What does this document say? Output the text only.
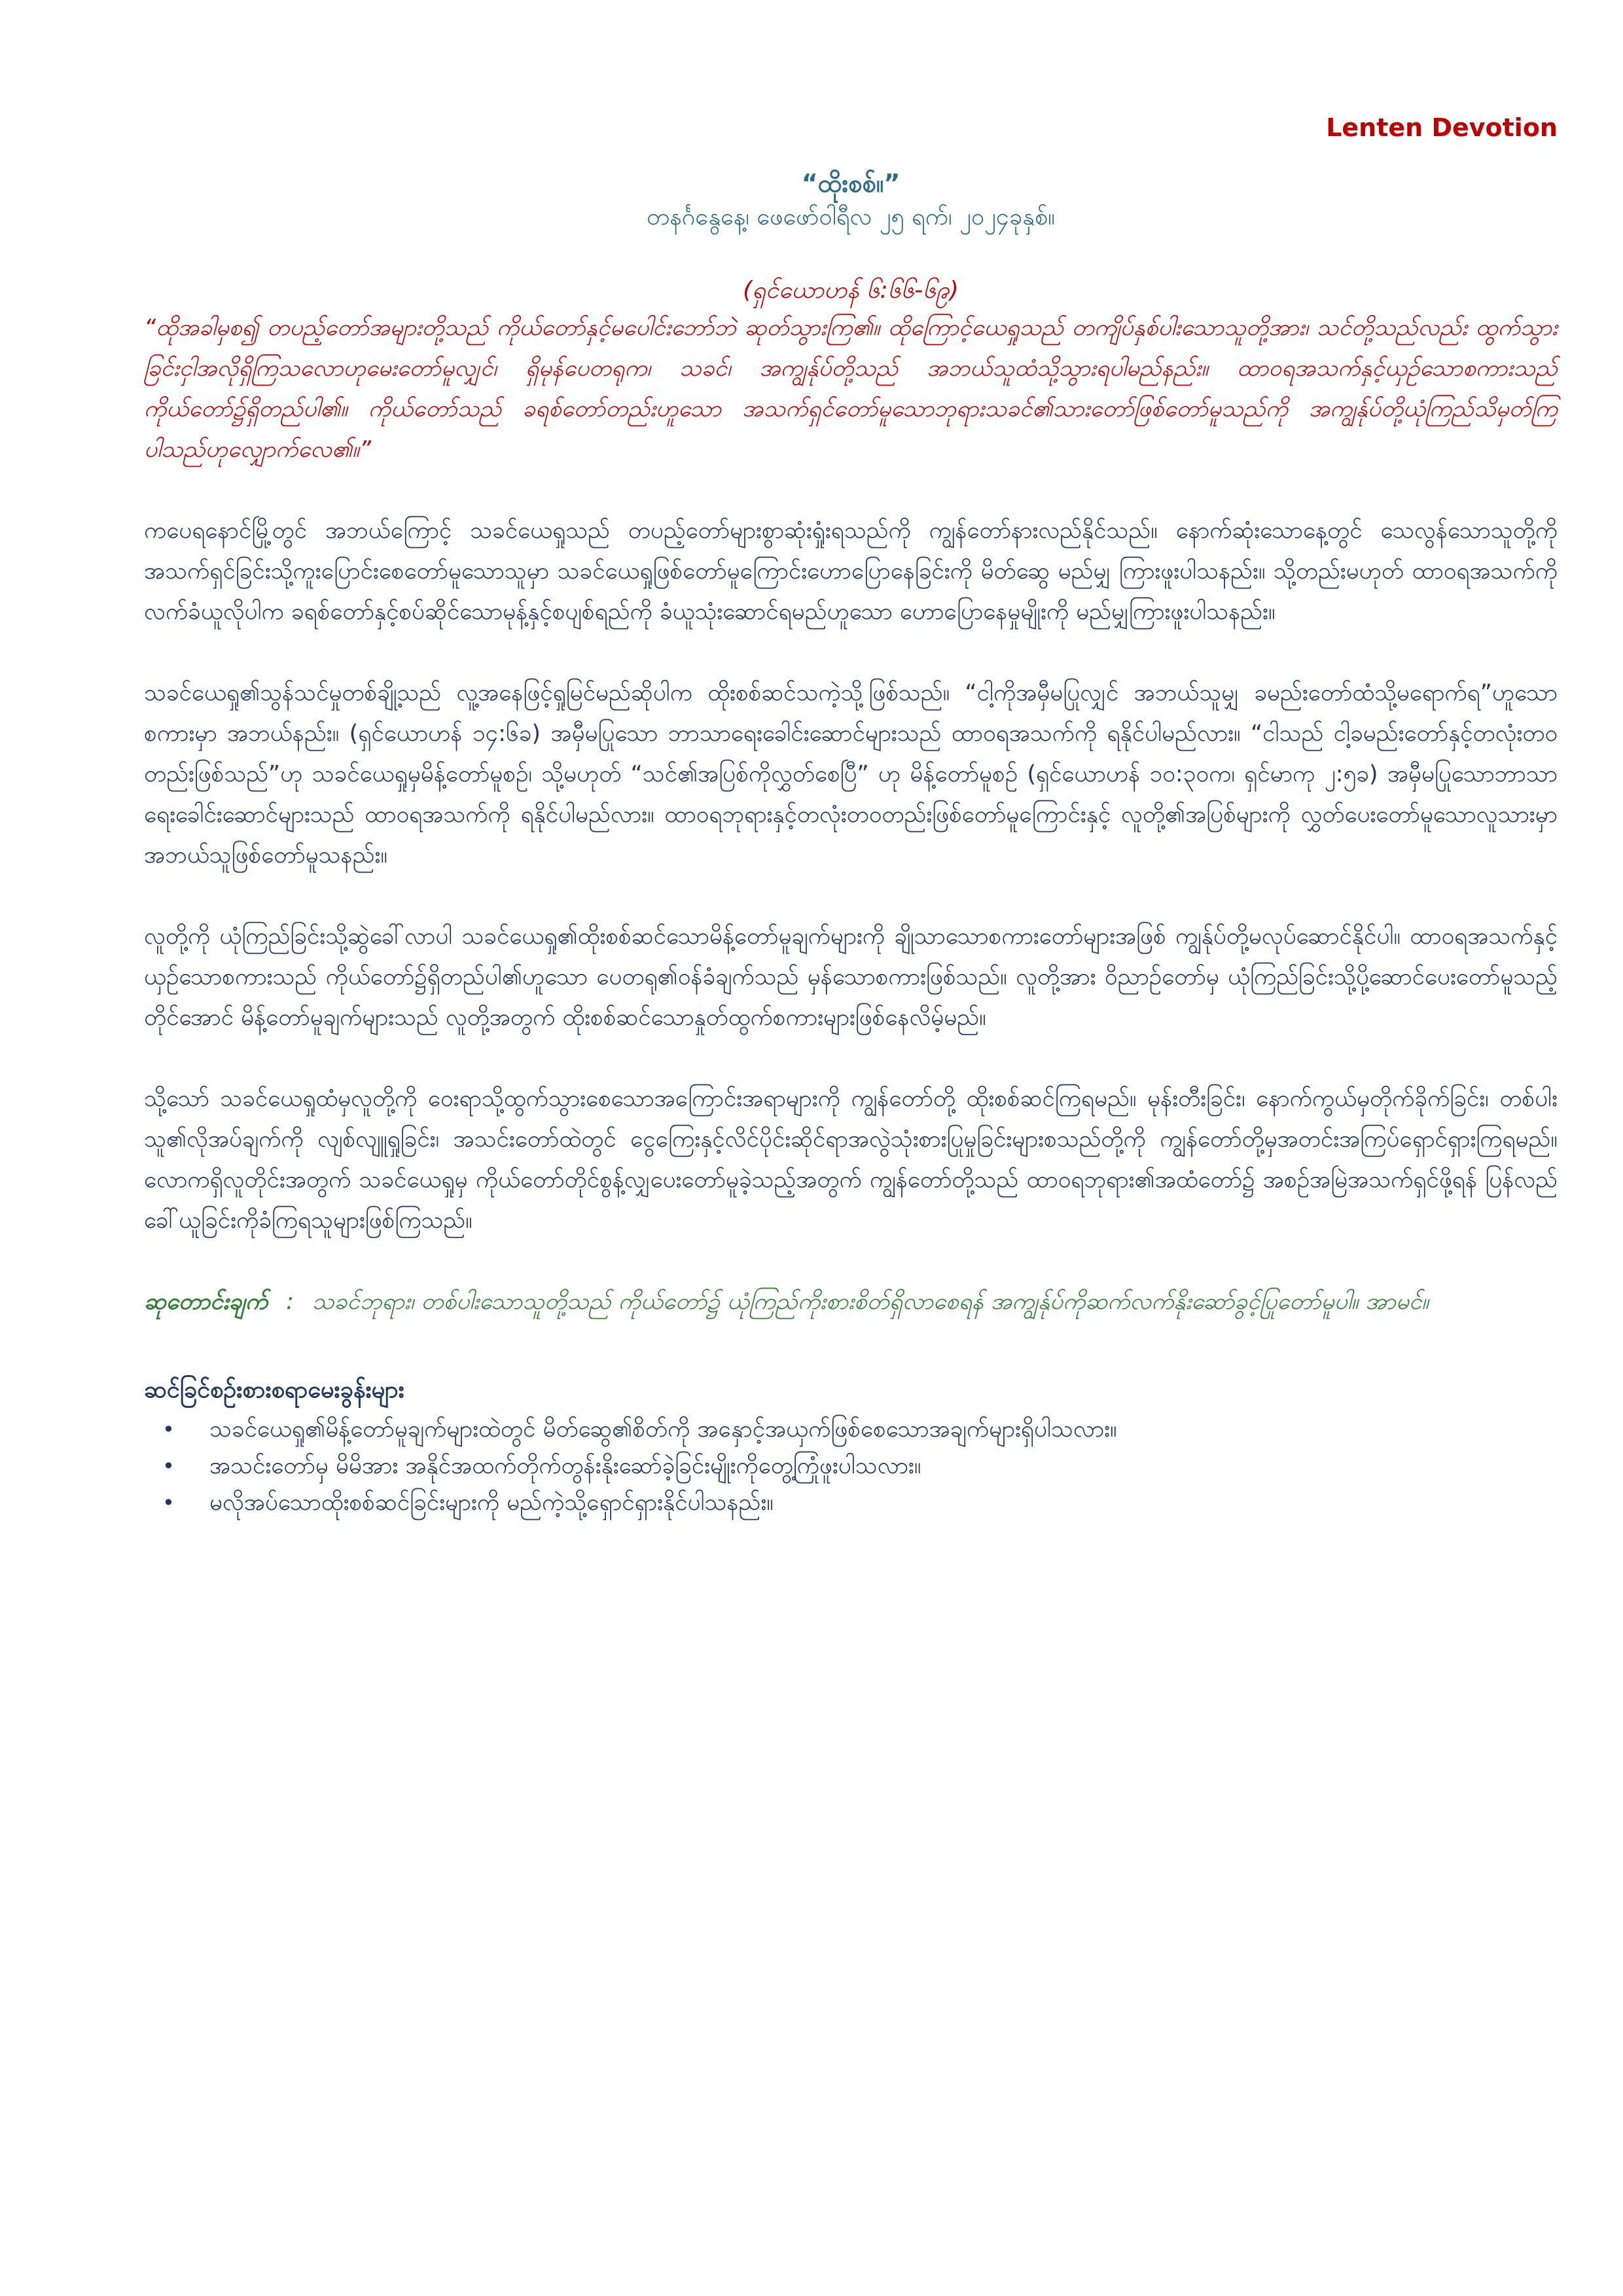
Lenten Devotion

“ထိုးစစ်။”

တနင်္ဂနွေနေ့၊ ဖေဖော်ဝါရီလ ၂၅ ရက်၊ ၂၀၂၄ခုနှစ်။

(ရှင်ယောဟန် ၆:၆၆-၆၉)

“ထိုအခါမှစ၍ တပည့်တော်အများတို့သည် ကိုယ်တော်နှင့်မပေါင်းဘော်ဘဲ ဆုတ်သွားကြ၏။ ထိုကြောင့်ယေရှုသည် တကျိပ်နှစ်ပါးသောသူတို့အား၊ သင်တို့သည်လည်း ထွက်သွားခြင်းငှါအလိုရှိကြသလောဟုမေးတော်မူလျှင်၊ ရှိမုန်ပေတရုက၊ သခင်၊ အကျွန်ုပ်တို့သည် အဘယ်သူထံသို့သွားရပါမည်နည်း။ ထာဝရအသက်နှင့်ယှဉ်သောစကားသည် ကိုယ်တော်၌ရှိတည်ပါ၏။ ကိုယ်တော်သည် ခရစ်တော်တည်းဟူသော အသက်ရှင်တော်မူသောဘုရားသခင်၏သားတော်ဖြစ်တော်မူသည်ကို အကျွန်ုပ်တို့ယုံကြည်သိမှတ်ကြပါသည်ဟုလျှောက်လေ၏။”

ကပေရနောင်မြို့တွင် အဘယ်ကြောင့် သခင်ယေရှုသည် တပည့်တော်များစွာဆုံးရှုံးရသည်ကို ကျွန်တော်နားလည်နိုင်သည်။ နောက်ဆုံးသောနေ့တွင် သေလွန်သောသူတို့ကို အသက်ရှင်ခြင်းသို့ကူးပြောင်းစေတော်မူသောသူမှာ သခင်ယေရှုဖြစ်တော်မူကြောင်းဟောပြောနေခြင်းကို မိတ်ဆွေ မည်မျှ ကြားဖူးပါသနည်း။ သို့တည်းမဟုတ် ထာဝရအသက်ကို လက်ခံယူလိုပါက ခရစ်တော်နှင့်စပ်ဆိုင်သောမုန့်နှင့်စပျစ်ရည်ကို ခံယူသုံးဆောင်ရမည်ဟူသော ဟောပြောနေမှုမျိုးကို မည်မျှကြားဖူးပါသနည်း။

သခင်ယေရှု၏သွန်သင်မှုတစ်ချို့သည် လူ့အနေဖြင့်ရှုမြင်မည်ဆိုပါက ထိုးစစ်ဆင်သကဲ့သို့ဖြစ်သည်။ “ငါ့ကိုအမှီမပြုလျှင် အဘယ်သူမျှ ခမည်းတော်ထံသို့မရောက်ရ”ဟူသောစကားမှာ အဘယ်နည်း။ (ရှင်ယောဟန် ၁၄:၆ခ) အမှီမပြုသော ဘာသာရေးခေါင်းဆောင်များသည် ထာဝရအသက်ကို ရနိုင်ပါမည်လား။ “ငါသည် ငါ့ခမည်းတော်နှင့်တလုံးတဝတည်းဖြစ်သည်”ဟု သခင်ယေရှုမှမိန့်တော်မူစဉ်၊ သို့မဟုတ် “သင်၏အပြစ်ကိုလွှတ်စေပြီ” ဟု မိန့်တော်မူစဉ် (ရှင်ယောဟန် ၁၀:၃၀က၊ ရှင်မာကု ၂:၅ခ) အမှီမပြုသောဘာသာရေးခေါင်းဆောင်များသည် ထာဝရအသက်ကို ရနိုင်ပါမည်လား။ ထာဝရဘုရားနှင့်တလုံးတဝတည်းဖြစ်တော်မူကြောင်းနှင့် လူတို့၏အပြစ်များကို လွှတ်ပေးတော်မူသောလူသားမှာ အဘယ်သူဖြစ်တော်မူသနည်း။

လူတို့ကို ယုံကြည်ခြင်းသို့ဆွဲခေါ်လာပါ သခင်ယေရှု၏ထိုးစစ်ဆင်သောမိန့်တော်မူချက်များကို ချိုသာသောစကားတော်များအဖြစ် ကျွန်ုပ်တို့မလုပ်ဆောင်နိုင်ပါ။ ထာဝရအသက်နှင့်ယှဉ်သောစကားသည် ကိုယ်တော်၌ရှိတည်ပါ၏ဟူသော ပေတရု၏ဝန်ခံချက်သည် မှန်သောစကားဖြစ်သည်။ လူတို့အား ဝိညာဉ်တော်မှ ယုံကြည်ခြင်းသို့ပို့ဆောင်ပေးတော်မူသည့်တိုင်အောင် မိန့်တော်မူချက်များသည် လူတို့အတွက် ထိုးစစ်ဆင်သောနှုတ်ထွက်စကားများဖြစ်နေလိမ့်မည်။

သို့သော် သခင်ယေရှုထံမှလူတို့ကို ဝေးရာသို့ထွက်သွားစေသောအကြောင်းအရာများကို ကျွန်တော်တို့ ထိုးစစ်ဆင်ကြရမည်။ မုန်းတီးခြင်း၊ နောက်ကွယ်မှတိုက်ခိုက်ခြင်း၊ တစ်ပါးသူ၏လိုအပ်ချက်ကို လျစ်လျူရှုခြင်း၊ အသင်းတော်ထဲတွင် ငွေကြေးနှင့်လိင်ပိုင်းဆိုင်ရာအလွဲသုံးစားပြုမှုခြင်းများစသည်တို့ကို ကျွန်တော်တို့မှအတင်းအကြပ်ရှောင်ရှားကြရမည်။ လောကရှိလူတိုင်းအတွက် သခင်ယေရှုမှ ကိုယ်တော်တိုင်စွန့်လျှပေးတော်မူခဲ့သည့်အတွက် ကျွန်တော်တို့သည် ထာဝရဘုရား၏အထံတော်၌ အစဉ်အမြဲအသက်ရှင်ဖို့ရန် ပြန်လည်ခေါ်ယူခြင်းကိုခံကြရသူများဖြစ်ကြသည်။

ဆုတောင်းချက် : သခင်ဘုရား၊ တစ်ပါးသောသူတို့သည် ကိုယ်တော်၌ ယုံကြည်ကိုးစားစိတ်ရှိလာစေရန် အကျွန်ုပ်ကိုဆက်လက်နိုးဆော်ခွင့်ပြုတော်မူပါ။ အာမင်။

ဆင်ခြင်စဉ်းစားစရာမေးခွန်းများ

• သခင်ယေရှု၏မိန့်တော်မူချက်များထဲတွင် မိတ်ဆွေ၏စိတ်ကို အနှောင့်အယှက်ဖြစ်စေသောအချက်များရှိပါသလား။
• အသင်းတော်မှ မိမိအား အနိုင်အထက်တိုက်တွန်းနိုးဆော်ခဲ့ခြင်းမျိုးကိုတွေ့ကြုံဖူးပါသလား။
• မလိုအပ်သောထိုးစစ်ဆင်ခြင်းများကို မည်ကဲ့သို့ရှောင်ရှားနိုင်ပါသနည်း။
